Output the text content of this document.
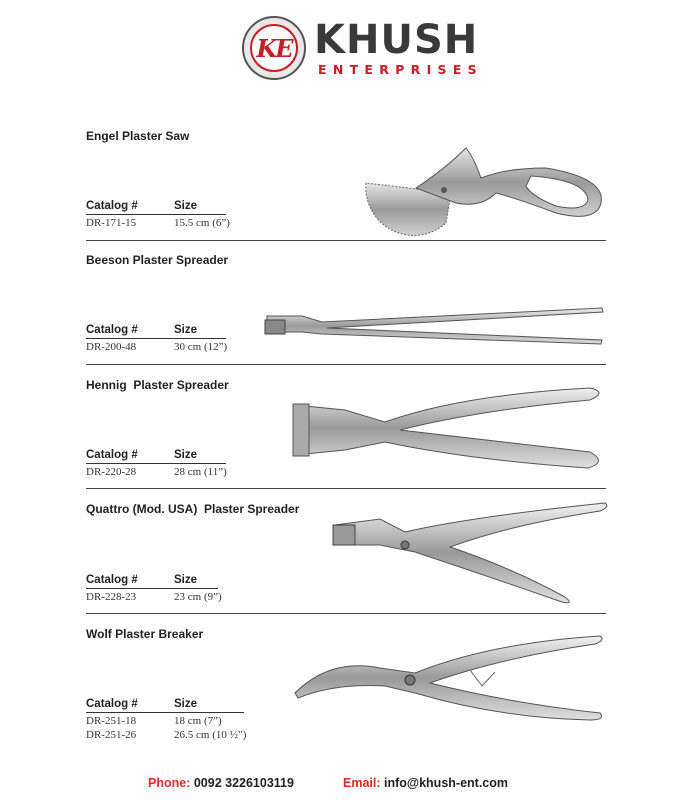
KE KHUSH
ENTERPRISES
Engel Plaster Saw
Catalog #	Size
DR-171-15	15.5 cm (6”)
Beeson Plaster Spreader
Catalog #	Size
DR-200-48	30 cm (12”)
Hennig  Plaster Spreader
Catalog #	Size
DR-220-28	28 cm (11”)
Quattro (Mod. USA)  Plaster Spreader
Catalog #	Size
DR-228-23	23 cm (9”)
Wolf Plaster Breaker
Catalog #	Size
DR-251-18	18 cm (7”)
DR-251-26	26.5 cm (10 ½”)
Phone: 0092 3226103119	Email: info@khush-ent.com
